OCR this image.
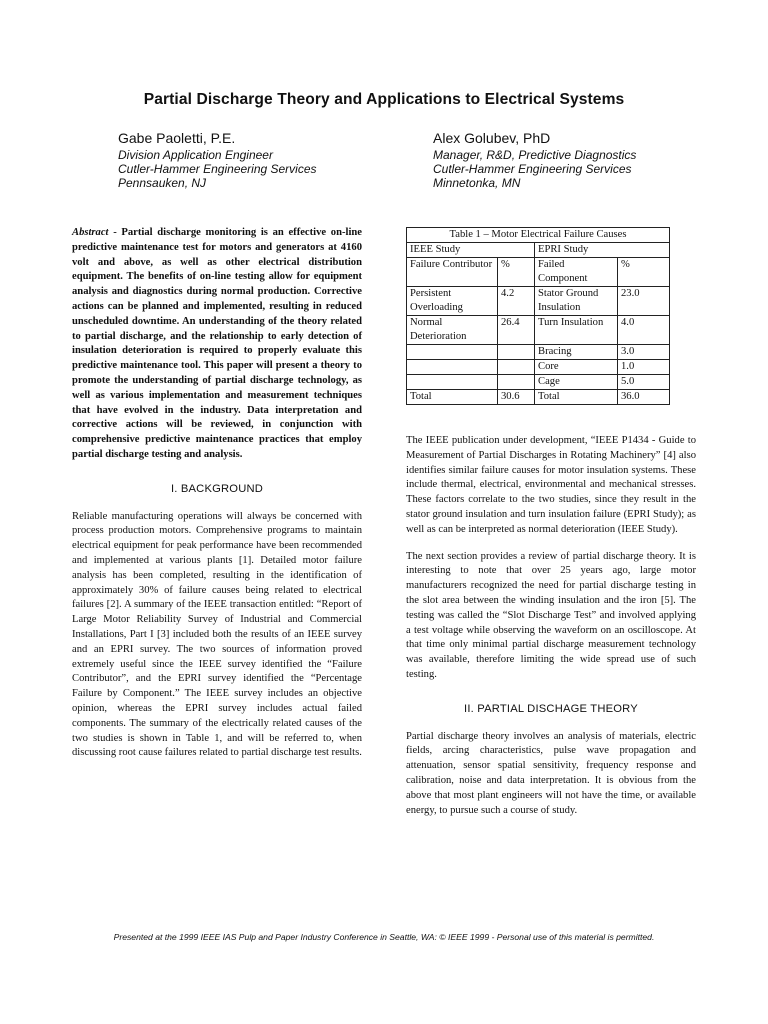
Partial Discharge Theory and Applications to Electrical Systems
Gabe Paoletti, P.E.
Division Application Engineer
Cutler-Hammer Engineering Services
Pennsauken, NJ
Alex Golubev, PhD
Manager, R&D, Predictive Diagnostics
Cutler-Hammer Engineering Services
Minnetonka, MN

Abstract - Partial discharge monitoring is an effective on-line predictive maintenance test for motors and generators at 4160 volt and above, as well as other electrical distribution equipment. The benefits of on-line testing allow for equipment analysis and diagnostics during normal production. Corrective actions can be planned and implemented, resulting in reduced unscheduled downtime. An understanding of the theory related to partial discharge, and the relationship to early detection of insulation deterioration is required to properly evaluate this predictive maintenance tool. This paper will present a theory to promote the understanding of partial discharge technology, as well as various implementation and measurement techniques that have evolved in the industry. Data interpretation and corrective actions will be reviewed, in conjunction with comprehensive predictive maintenance practices that employ partial discharge testing and analysis.

I. BACKGROUND

Reliable manufacturing operations will always be concerned with process production motors. Comprehensive programs to maintain electrical equipment for peak performance have been recommended and implemented at various plants [1]. Detailed motor failure analysis has been completed, resulting in the identification of approximately 30% of failure causes being related to electrical failures [2]. A summary of the IEEE transaction entitled: “Report of Large Motor Reliability Survey of Industrial and Commercial Installations, Part I [3] included both the results of an IEEE survey and an EPRI survey. The two sources of information proved extremely useful since the IEEE survey identified the “Failure Contributor”, and the EPRI survey identified the “Percentage Failure by Component.” The IEEE survey includes an objective opinion, whereas the EPRI survey includes actual failed components. The summary of the electrically related causes of the two studies is shown in Table 1, and will be referred to, when discussing root cause failures related to partial discharge test results.

Table 1 – Motor Electrical Failure Causes			
IEEE Study		EPRI Study	
Failure Contributor	%	Failed Component	%
Persistent Overloading	4.2	Stator Ground Insulation	23.0
Normal Deterioration	26.4	Turn Insulation	4.0
		Bracing	3.0
		Core	1.0
		Cage	5.0
Total	30.6	Total	36.0

The IEEE publication under development, “IEEE P1434 - Guide to Measurement of Partial Discharges in Rotating Machinery” [4] also identifies similar failure causes for motor insulation systems. These include thermal, electrical, environmental and mechanical stresses. These factors correlate to the two studies, since they result in the stator ground insulation and turn insulation failure (EPRI Study); as well as can be interpreted as normal deterioration (IEEE Study).

The next section provides a review of partial discharge theory. It is interesting to note that over 25 years ago, large motor manufacturers recognized the need for partial discharge testing in the slot area between the winding insulation and the iron [5]. The testing was called the “Slot Discharge Test” and involved applying a test voltage while observing the waveform on an oscilloscope. At that time only minimal partial discharge measurement technology was available, therefore limiting the wide spread use of such testing.

II. PARTIAL DISCHAGE THEORY

Partial discharge theory involves an analysis of materials, electric fields, arcing characteristics, pulse wave propagation and attenuation, sensor spatial sensitivity, frequency response and calibration, noise and data interpretation. It is obvious from the above that most plant engineers will not have the time, or available energy, to pursue such a course of study.

Presented at the 1999 IEEE IAS Pulp and Paper Industry Conference in Seattle, WA: © IEEE 1999 - Personal use of this material is permitted.
